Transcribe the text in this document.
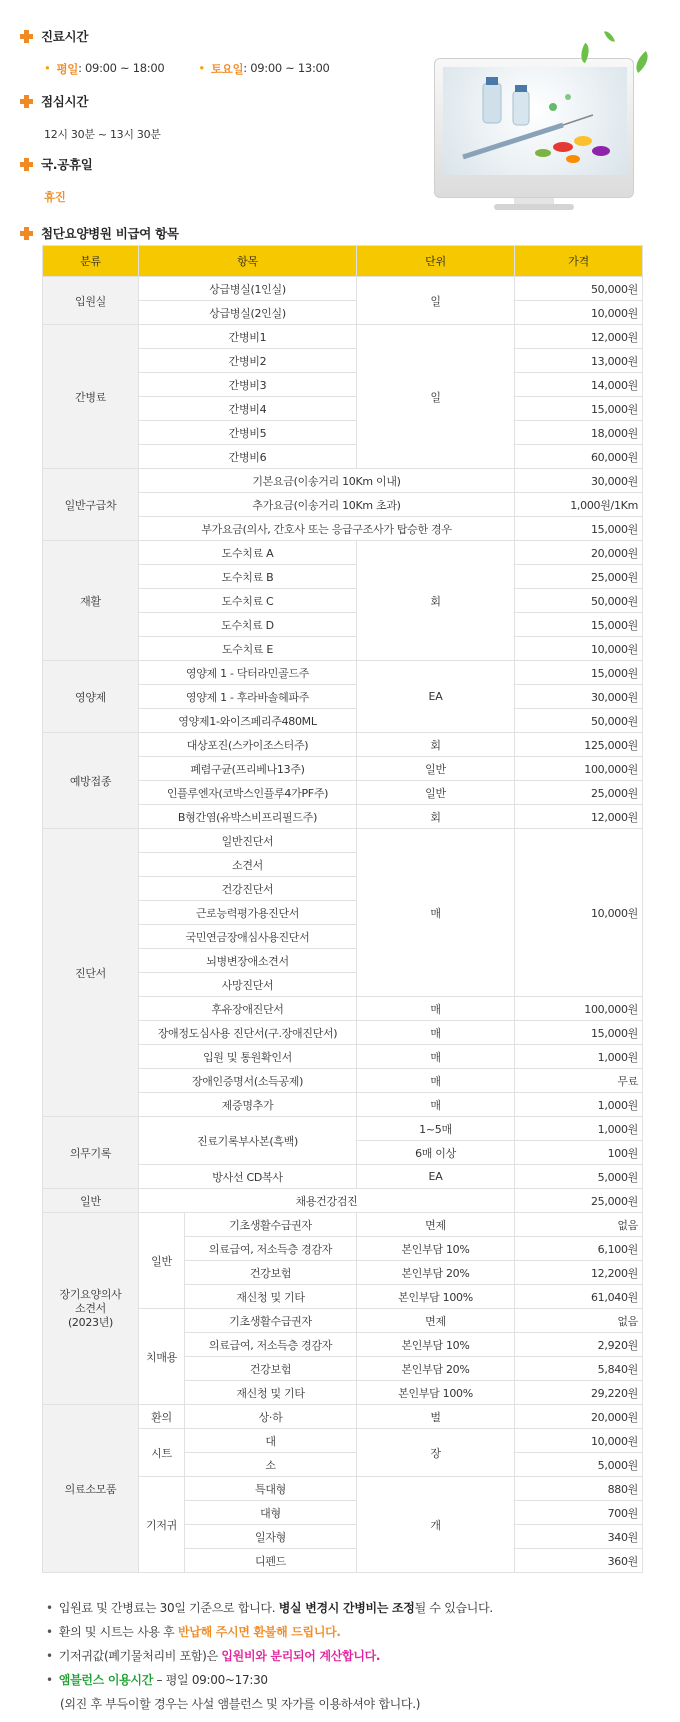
진료시간
• 평일 : 09:00 ~ 18:00	• 토요일 : 09:00 ~ 13:00
점심시간
12시 30분 ~ 13시 30분
국.공휴일
휴진
첨단요양병원 비급여 항목
분류	항목		단위	가격
입원실	상급병실(1인실)		일	50,000원
	상급병실(2인실)			10,000원
간병료	간병비1		일	12,000원
	간병비2			13,000원
	간병비3			14,000원
	간병비4			15,000원
	간병비5			18,000원
	간병비6			60,000원
일반구급차	기본요금(이송거리 10Km 이내)			30,000원
	추가요금(이송거리 10Km 초과)			1,000원/1Km
	부가요금(의사, 간호사 또는 응급구조사가 탑승한 경우			15,000원
재활	도수치료 A		회	20,000원
	도수치료 B			25,000원
	도수치료 C			50,000원
	도수치료 D			15,000원
	도수치료 E			10,000원
영양제	영양제 1 - 닥터라민골드주		EA	15,000원
	영양제 1 - 후라바솔헤파주			30,000원
	영양제1-와이즈페리주480ML			50,000원
예방접종	대상포진(스카이조스터주)		회	125,000원
	폐렴구균(프리베나13주)		일반	100,000원
	인플루엔자(코박스인플루4가PF주)		일반	25,000원
	B형간염(유박스비프리필드주)		회	12,000원
진단서	일반진단서		매	10,000원
	소견서			
	건강진단서			
	근로능력평가용진단서			
	국민연금장애심사용진단서			
	뇌병변장애소견서			
	사망진단서			
	후유장애진단서		매	100,000원
	장애정도심사용 진단서(구.장애진단서)		매	15,000원
	입원 및 통원확인서		매	1,000원
	장애인증명서(소득공제)		매	무료
	제증명추가		매	1,000원
의무기록	진료기록부사본(흑백)		1~5매	1,000원
			6매 이상	100원
	방사선 CD복사		EA	5,000원
일반	채용건강검진			25,000원
장기요양의사
소견서
(2023년)	일반	기초생활수급권자	면제	없음
		의료급여, 저소득층 경감자	본인부담 10%	6,100원
		건강보험	본인부담 20%	12,200원
		재신청 및 기타	본인부담 100%	61,040원
	치매용	기초생활수급권자	면제	없음
		의료급여, 저소득층 경감자	본인부담 10%	2,920원
		건강보험	본인부담 20%	5,840원
		재신청 및 기타	본인부담 100%	29,220원
의료소모품	환의	상·하	벌	20,000원
	시트	대	장	10,000원
		소		5,000원
	기저귀	특대형	개	880원
		대형		700원
		일자형		340원
		디펜드		360원
• 입원료 및 간병료는 30일 기준으로 합니다. 병실 변경시 간병비는 조정될 수 있습니다.
• 환의 및 시트는 사용 후 반납해 주시면 환불해 드립니다.
• 기저귀값(폐기물처리비 포함)은 입원비와 분리되어 계산합니다.
• 앰블런스 이용시간 – 평일 09:00~17:30
(외진 후 부득이할 경우는 사설 앰블런스 및 자가를 이용하셔야 합니다.)
